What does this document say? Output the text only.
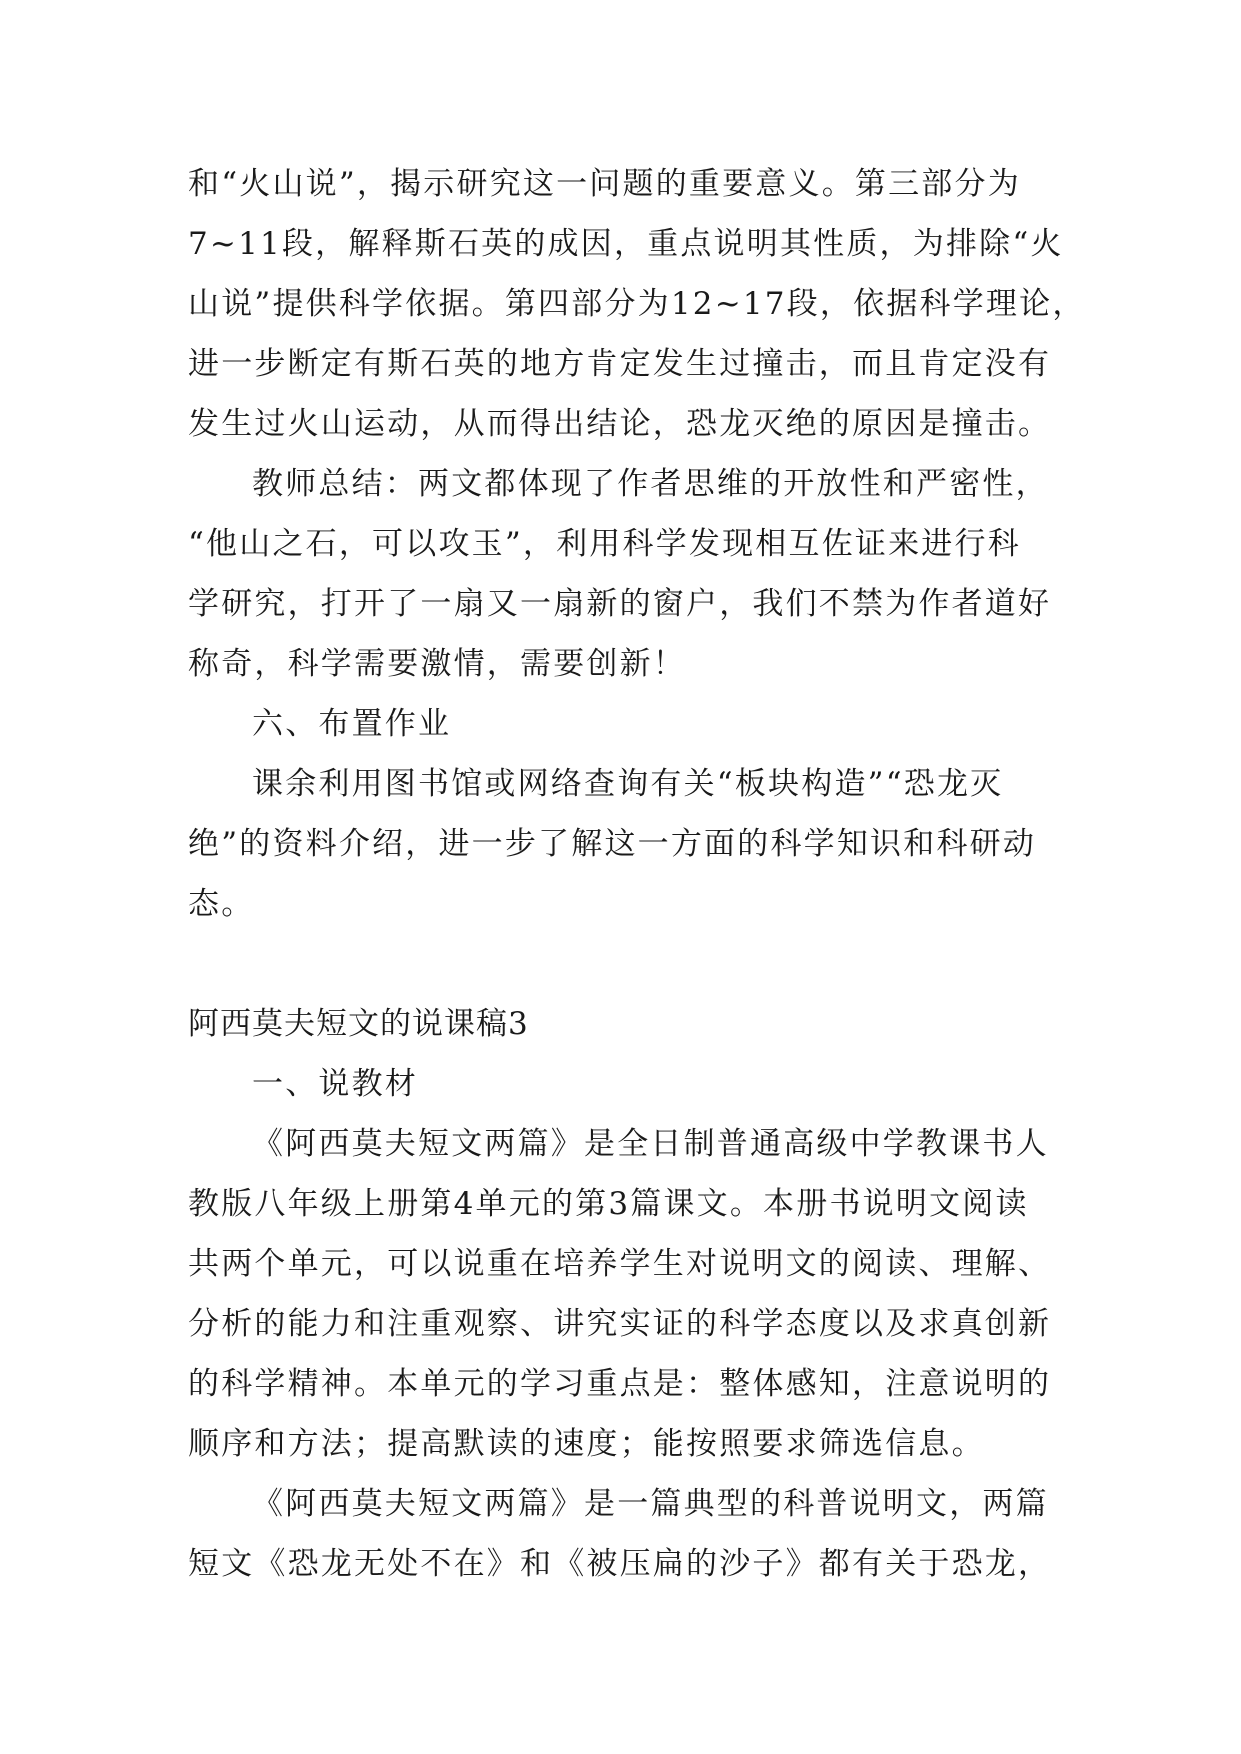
和“火山说”，揭示研究这一问题的重要意义。第三部分为
7~11段，解释斯石英的成因，重点说明其性质，为排除“火
山说”提供科学依据。第四部分为12~17段，依据科学理论，
进一步断定有斯石英的地方肯定发生过撞击，而且肯定没有
发生过火山运动，从而得出结论，恐龙灭绝的原因是撞击。
教师总结：两文都体现了作者思维的开放性和严密性，
“他山之石，可以攻玉”，利用科学发现相互佐证来进行科
学研究，打开了一扇又一扇新的窗户，我们不禁为作者道好
称奇，科学需要激情，需要创新！
六、布置作业
课余利用图书馆或网络查询有关“板块构造”“恐龙灭
绝”的资料介绍，进一步了解这一方面的科学知识和科研动
态。
阿西莫夫短文的说课稿3
一、说教材
《阿西莫夫短文两篇》是全日制普通高级中学教课书人
教版八年级上册第4单元的第3篇课文。本册书说明文阅读
共两个单元，可以说重在培养学生对说明文的阅读、理解、
分析的能力和注重观察、讲究实证的科学态度以及求真创新
的科学精神。本单元的学习重点是：整体感知，注意说明的
顺序和方法；提高默读的速度；能按照要求筛选信息。
《阿西莫夫短文两篇》是一篇典型的科普说明文，两篇
短文《恐龙无处不在》和《被压扁的沙子》都有关于恐龙，
